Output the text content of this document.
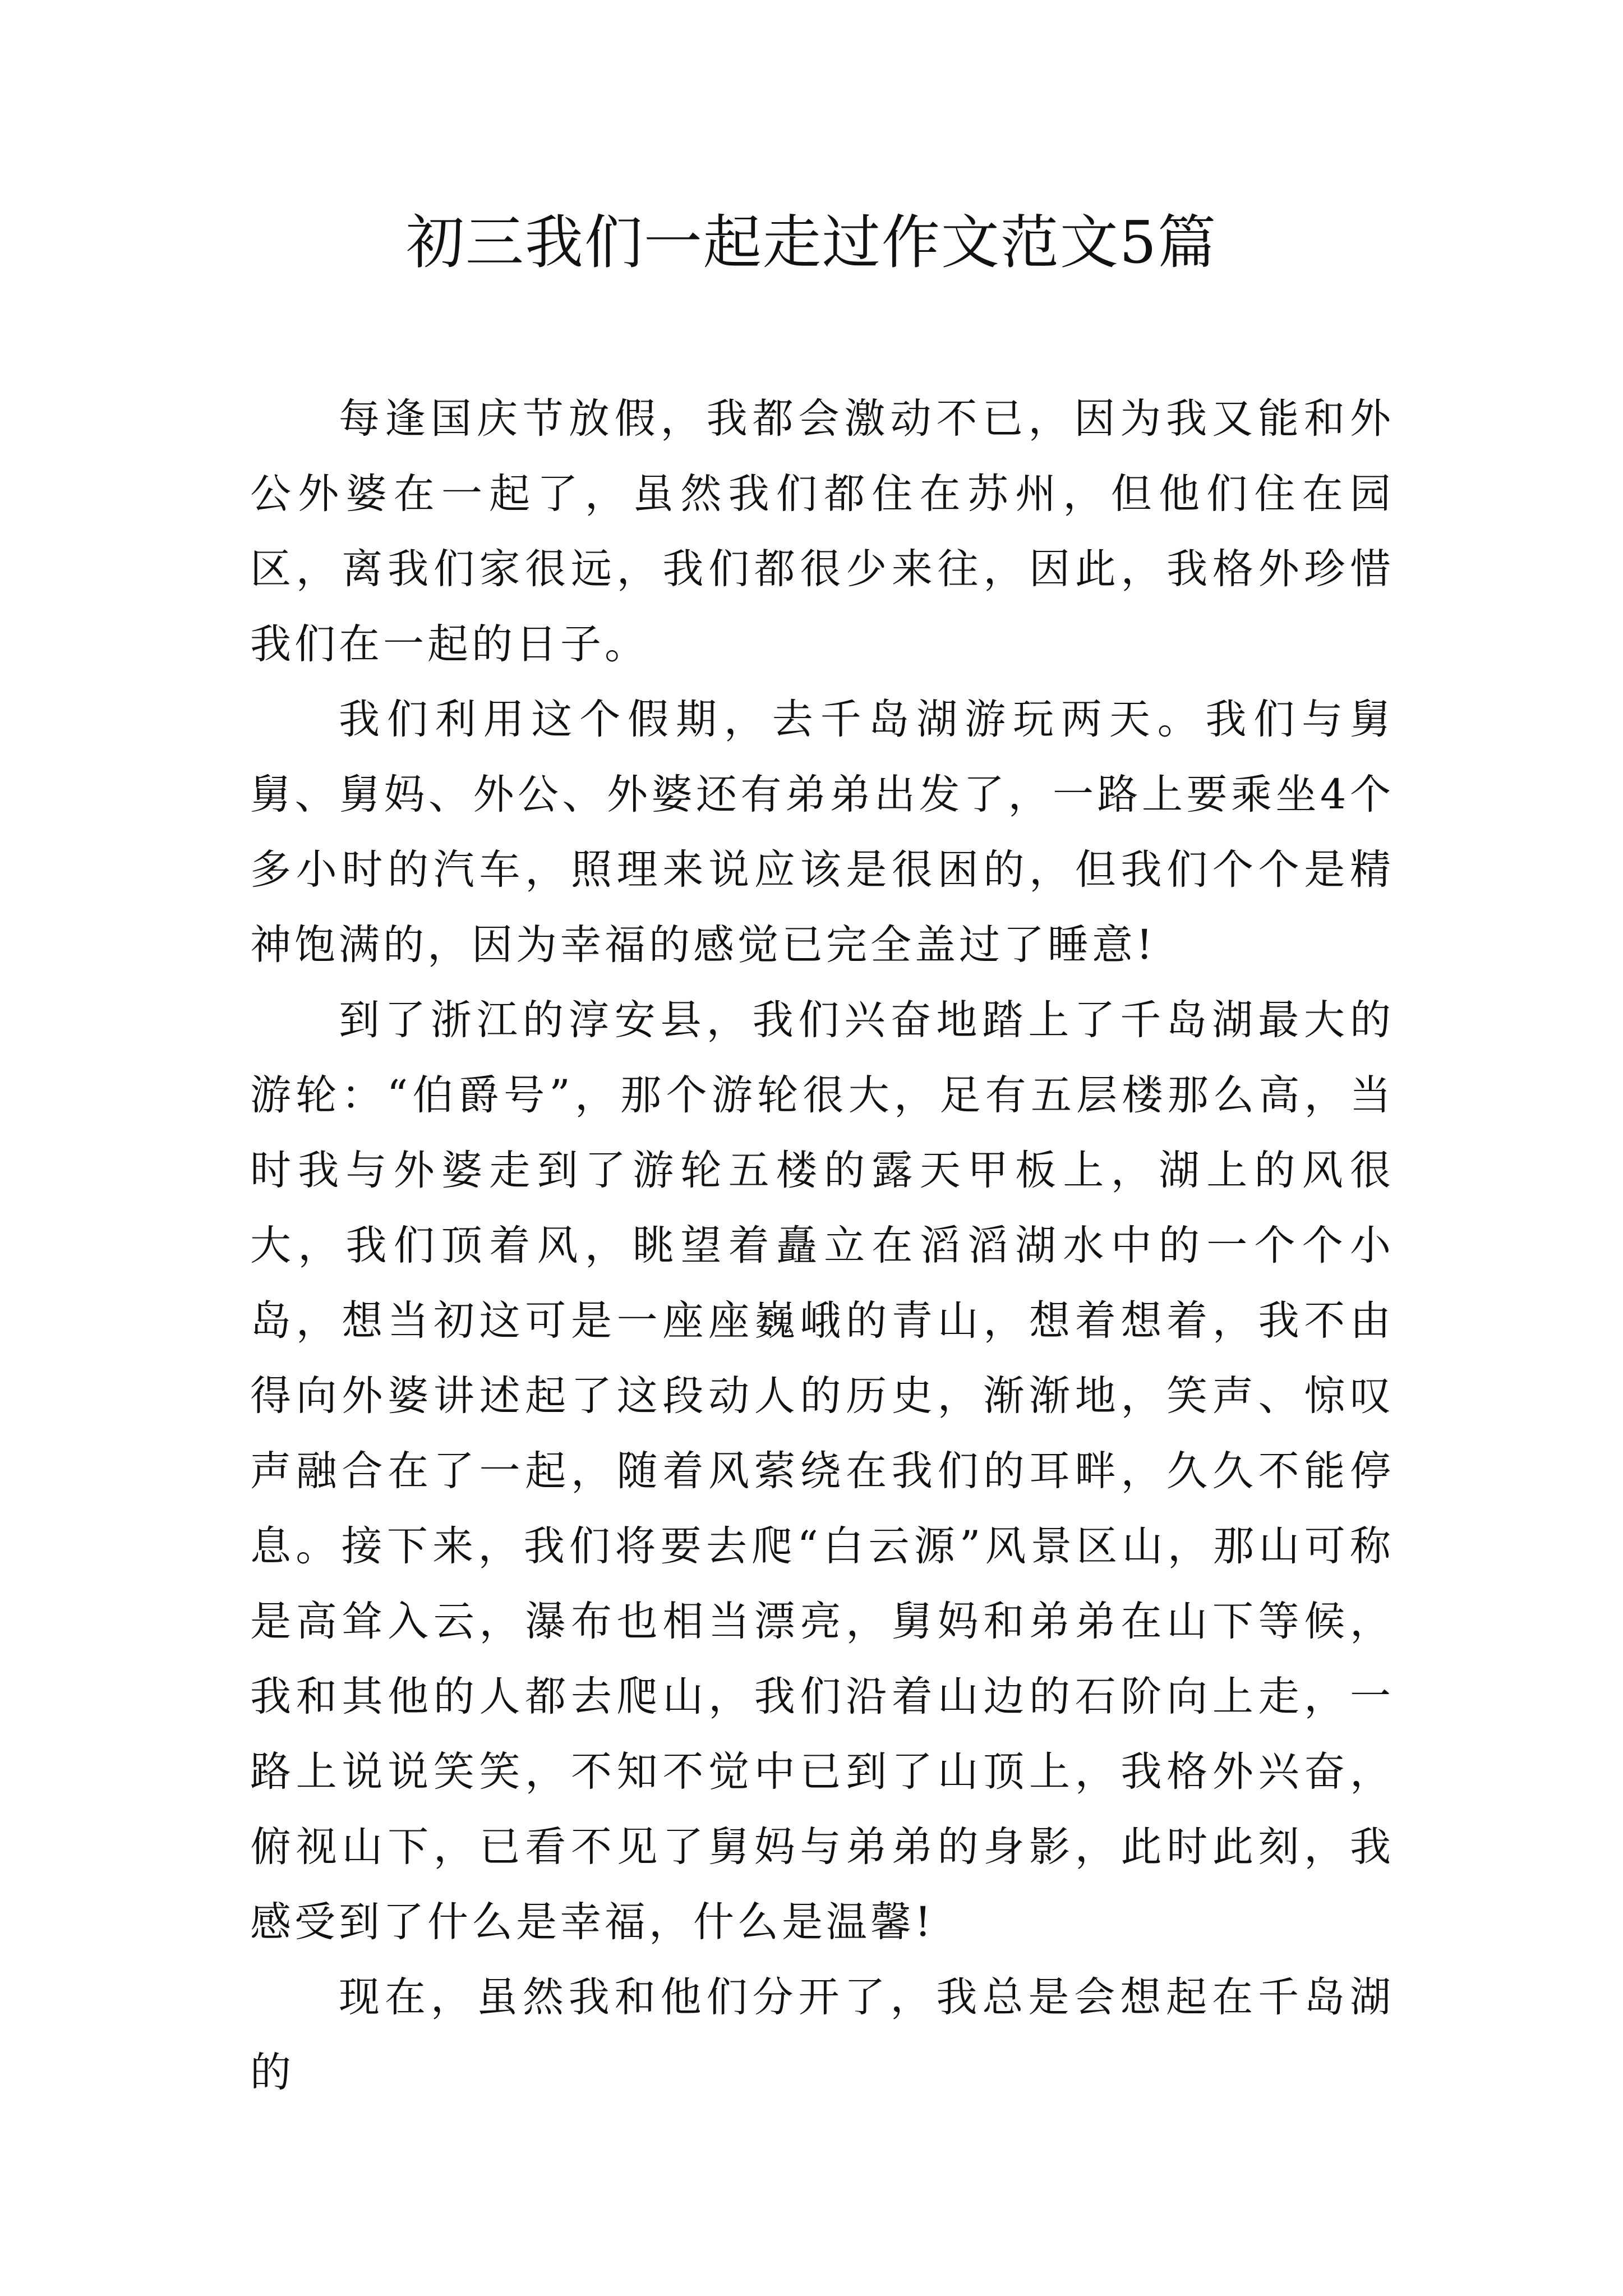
初三我们一起走过作文范文5篇

每逢国庆节放假，我都会激动不已，因为我又能和外公外婆在一起了，虽然我们都住在苏州，但他们住在园区，离我们家很远，我们都很少来往，因此，我格外珍惜我们在一起的日子。

我们利用这个假期，去千岛湖游玩两天。我们与舅舅、舅妈、外公、外婆还有弟弟出发了，一路上要乘坐4个多小时的汽车，照理来说应该是很困的，但我们个个是精神饱满的，因为幸福的感觉已完全盖过了睡意!

到了浙江的淳安县，我们兴奋地踏上了千岛湖最大的游轮：“伯爵号”，那个游轮很大，足有五层楼那么高，当时我与外婆走到了游轮五楼的露天甲板上，湖上的风很大，我们顶着风，眺望着矗立在滔滔湖水中的一个个小岛，想当初这可是一座座巍峨的青山，想着想着，我不由得向外婆讲述起了这段动人的历史，渐渐地，笑声、惊叹声融合在了一起，随着风萦绕在我们的耳畔，久久不能停息。接下来，我们将要去爬“白云源”风景区山，那山可称是高耸入云，瀑布也相当漂亮，舅妈和弟弟在山下等候，我和其他的人都去爬山，我们沿着山边的石阶向上走，一路上说说笑笑，不知不觉中已到了山顶上，我格外兴奋，俯视山下，已看不见了舅妈与弟弟的身影，此时此刻，我感受到了什么是幸福，什么是温馨!

现在，虽然我和他们分开了，我总是会想起在千岛湖的
